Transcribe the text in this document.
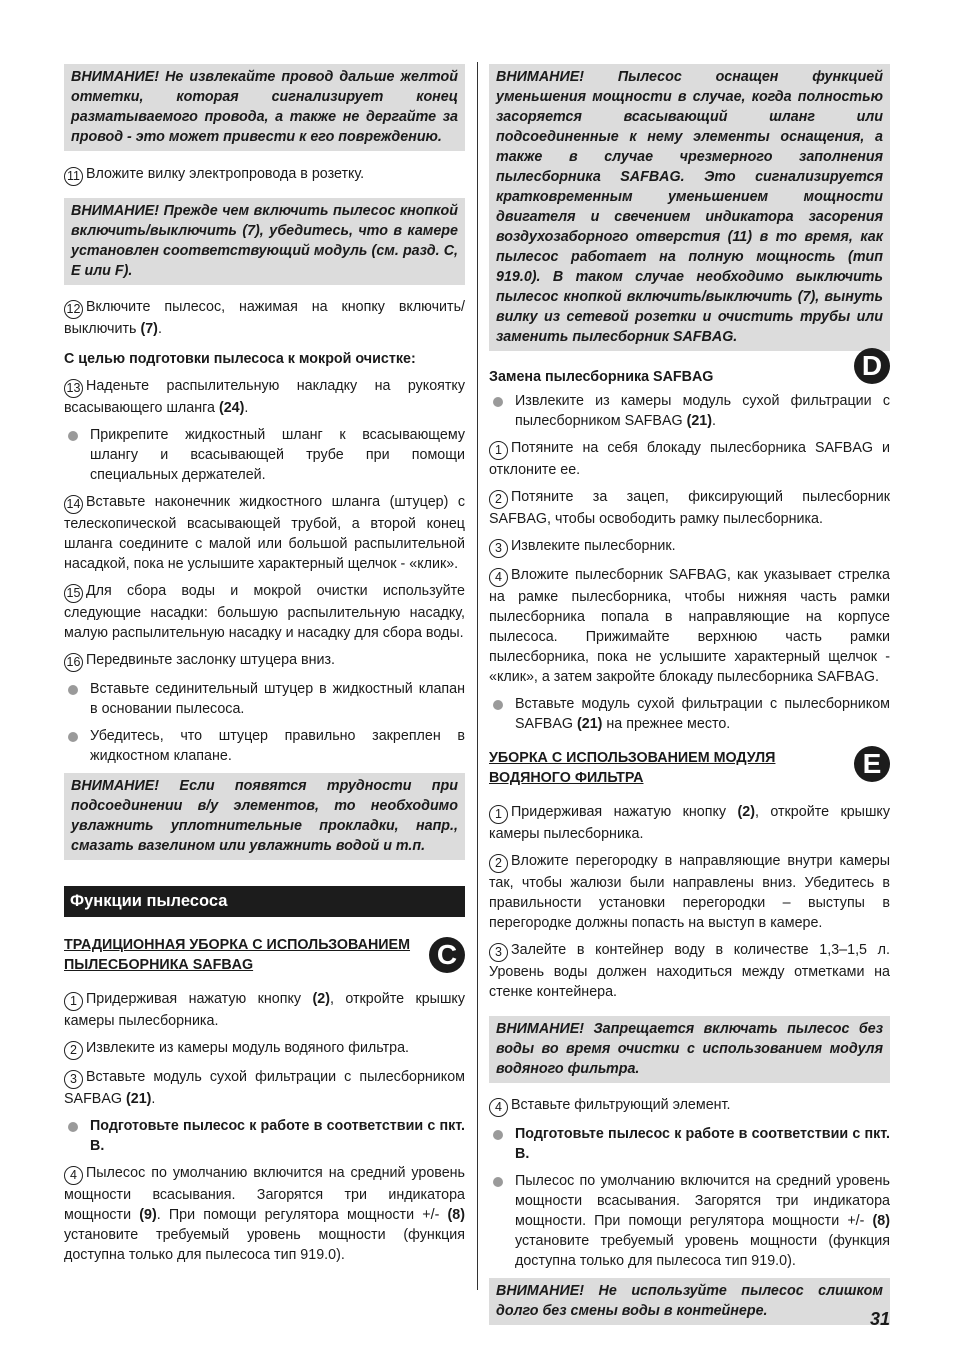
ВНИМАНИЕ! Не извлекайте провод дальше желтой отметки, которая сигнализирует конец разматываемого провода, а также не дергайте за провод - это может привести к его повреждению.
11 Вложите вилку электропровода в розетку.
ВНИМАНИЕ! Прежде чем включить пылесос кнопкой включить/выключить (7), убедитесь, что в камере установлен соответствующий модуль (см. разд. C, E или F).
12 Включите пылесос, нажимая на кнопку включить/выключить (7).
С целью подготовки пылесоса к мокрой очистке:
13 Наденьте распылительную накладку на рукоятку всасывающего шланга (24).
Прикрепите жидкостный шланг к всасывающему шлангу и всасывающей трубе при помощи специальных держателей.
14 Вставьте наконечник жидкостного шланга (штуцер) с телескопической всасывающей трубой, а второй конец шланга соедините с малой или большой распылительной насадкой, пока не услышите характерный щелчок - «клик».
15 Для сбора воды и мокрой очистки используйте следующие насадки: большую распылительную насадку, малую распылительную насадку и насадку для сбора воды.
16 Передвиньте заслонку штуцера вниз.
Вставьте сединительный штуцер в жидкостный клапан в основании пылесоса.
Убедитесь, что штуцер правильно закреплен в жидкостном клапане.
ВНИМАНИЕ! Если появятся трудности при подсоединении в/у элементов, то необходимо увлажнить уплотнительные прокладки, напр., смазать вазелином или увлажнить водой и т.п.
Функции пылесоса
ТРАДИЦИОННАЯ УБОРКА С ИСПОЛЬЗОВАНИЕМ
ПЫЛЕСБОРНИКА SAFBAG	C
1 Придерживая нажатую кнопку (2), откройте крышку камеры пылесборника.
2 Извлеките из камеры модуль водяного фильтра.
3 Вставьте модуль сухой фильтрации с пылесборником SAFBAG (21).
Подготовьте пылесос к работе в соответствии с пкт. B.
4 Пылесос по умолчанию включится на средний уровень мощности всасывания. Загорятся три индикатора мощности (9). При помощи регулятора мощности +/- (8) установите требуемый уровень мощности (функция доступна только для пылесоса тип 919.0).
ВНИМАНИЕ! Пылесос оснащен функцией уменьшения мощности в случае, когда полностью засоряется всасывающий шланг или подсоединенные к нему элементы оснащения, а также в случае чрезмерного заполнения пылесборника SAFBAG. Это сигнализируется кратковременным уменьшением мощности двигателя и свечением индикатора засорения воздухозаборного отверстия (11) в то время, как пылесос работает на полную мощность (тип 919.0). В таком случае необходимо выключить пылесос кнопкой включить/выключить (7), вынуть вилку из сетевой розетки и очистить трубы или заменить пылесборник SAFBAG.
Замена пылесборника SAFBAG	D
Извлеките из камеры модуль сухой фильтрации с пылесборником SAFBAG (21).
1 Потяните на себя блокаду пылесборника SAFBAG и отклоните ее.
2 Потяните за зацеп, фиксирующий пылесборник SAFBAG, чтобы освободить рамку пылесборника.
3 Извлеките пылесборник.
4 Вложите пылесборник SAFBAG, как указывает стрелка на рамке пылесборника, чтобы нижняя часть рамки пылесборника попала в направляющие на корпусе пылесоса. Прижимайте верхнюю часть рамки пылесборника, пока не услышите характерный щелчок - «клик», а затем закройте блокаду пылесборника SAFBAG.
Вставьте модуль сухой фильтрации с пылесборником SAFBAG (21) на прежнее место.
УБОРКА С ИСПОЛЬЗОВАНИЕМ МОДУЛЯ
ВОДЯНОГО ФИЛЬТРА	E
1 Придерживая нажатую кнопку (2), откройте крышку камеры пылесборника.
2 Вложите перегородку в направляющие внутри камеры так, чтобы жалюзи были направлены вниз. Убедитесь в правильности установки перегородки – выступы в перегородке должны попасть на выступ в камере.
3 Залейте в контейнер воду в количестве 1,3–1,5 л. Уровень воды должен находиться между отметками на стенке контейнера.
ВНИМАНИЕ! Запрещается включать пылесос без воды во время очистки с использованием модуля водяного фильтра.
4 Вставьте фильтрующий элемент.
Подготовьте пылесос к работе в соответствии с пкт. B.
Пылесос по умолчанию включится на средний уровень мощности всасывания. Загорятся три индикатора мощности. При помощи регулятора мощности +/- (8) установите требуемый уровень мощности (функция доступна только для пылесоса тип 919.0).
ВНИМАНИЕ! Не используйте пылесос слишком долго без смены воды в контейнере.	31
